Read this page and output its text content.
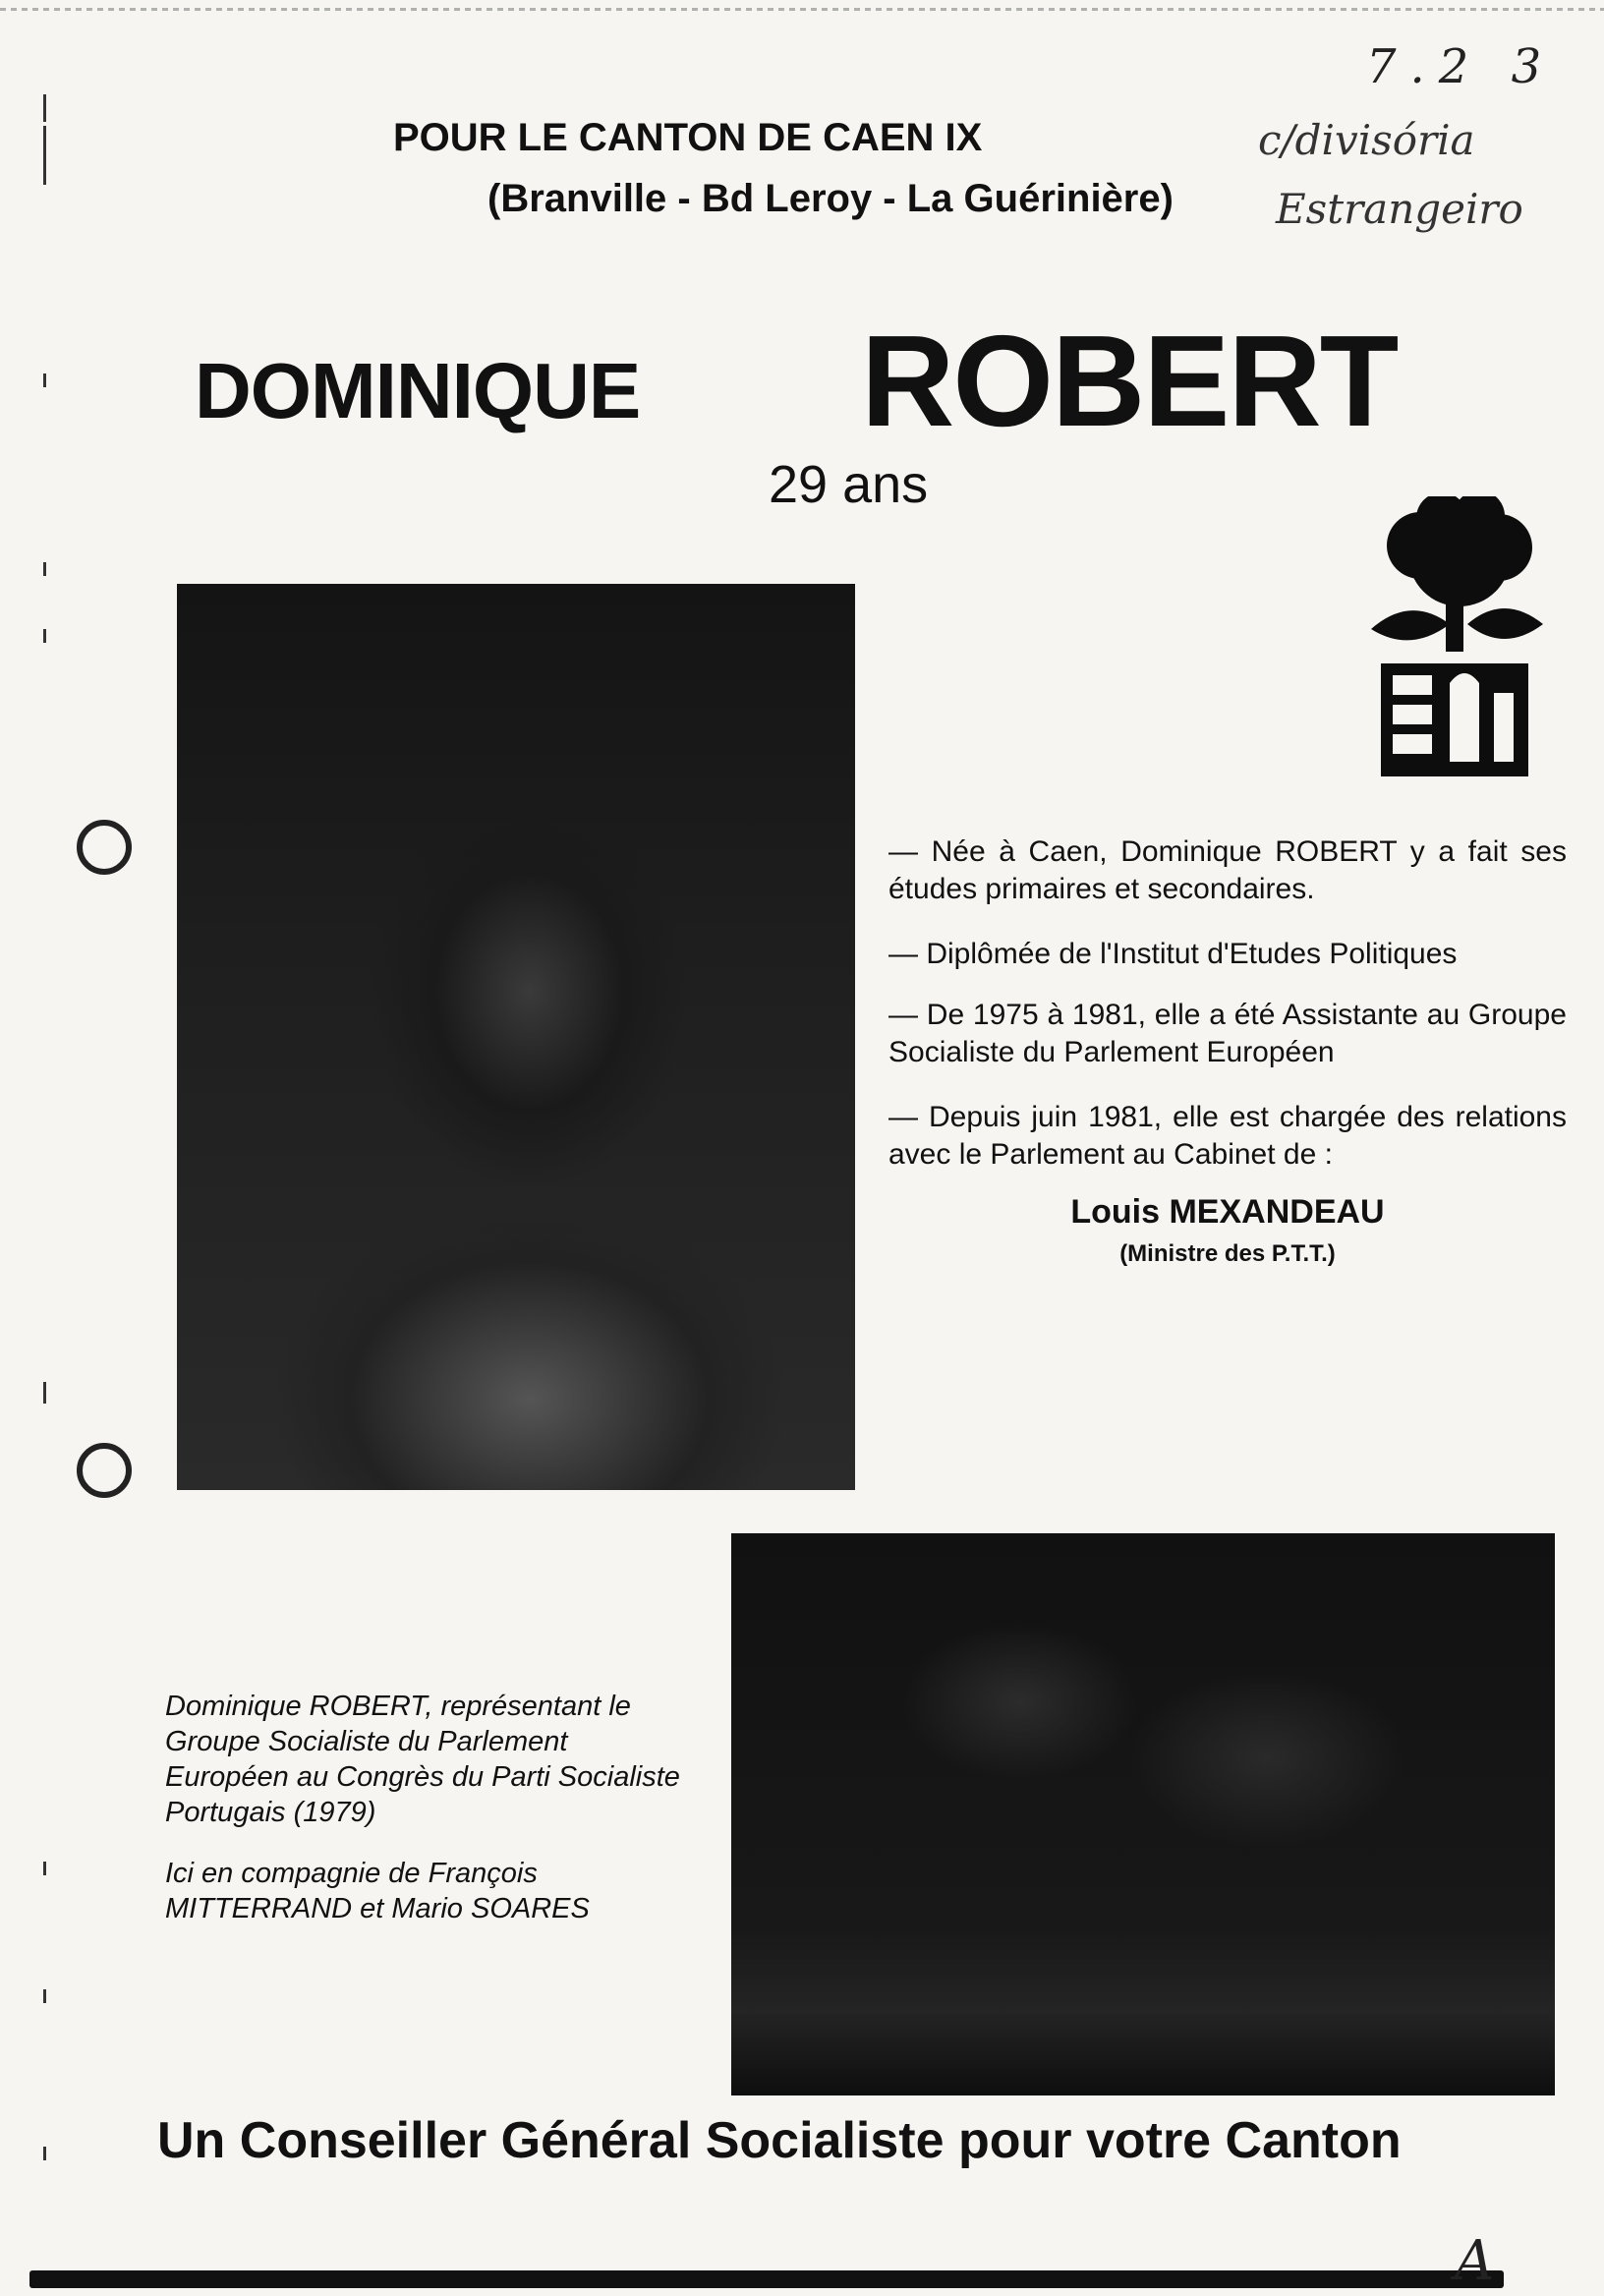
7.2 3
c/divisória
Estrangeiro
POUR LE CANTON DE CAEN IX
(Branville - Bd Leroy - La Guérinière)
DOMINIQUE ROBERT
29 ans

— Née à Caen, Dominique ROBERT y a fait ses études primaires et secondaires.

— Diplômée de l'Institut d'Etudes Politiques

— De 1975 à 1981, elle a été Assistante au Groupe Socialiste du Parlement Européen

— Depuis juin 1981, elle est chargée des relations avec le Parlement au Cabinet de :

Louis MEXANDEAU
(Ministre des P.T.T.)

Dominique ROBERT, représentant le Groupe Socialiste du Parlement Européen au Congrès du Parti Socialiste Portugais (1979)

Ici en compagnie de François MITTERRAND et Mario SOARES

Un Conseiller Général Socialiste pour votre Canton
A
